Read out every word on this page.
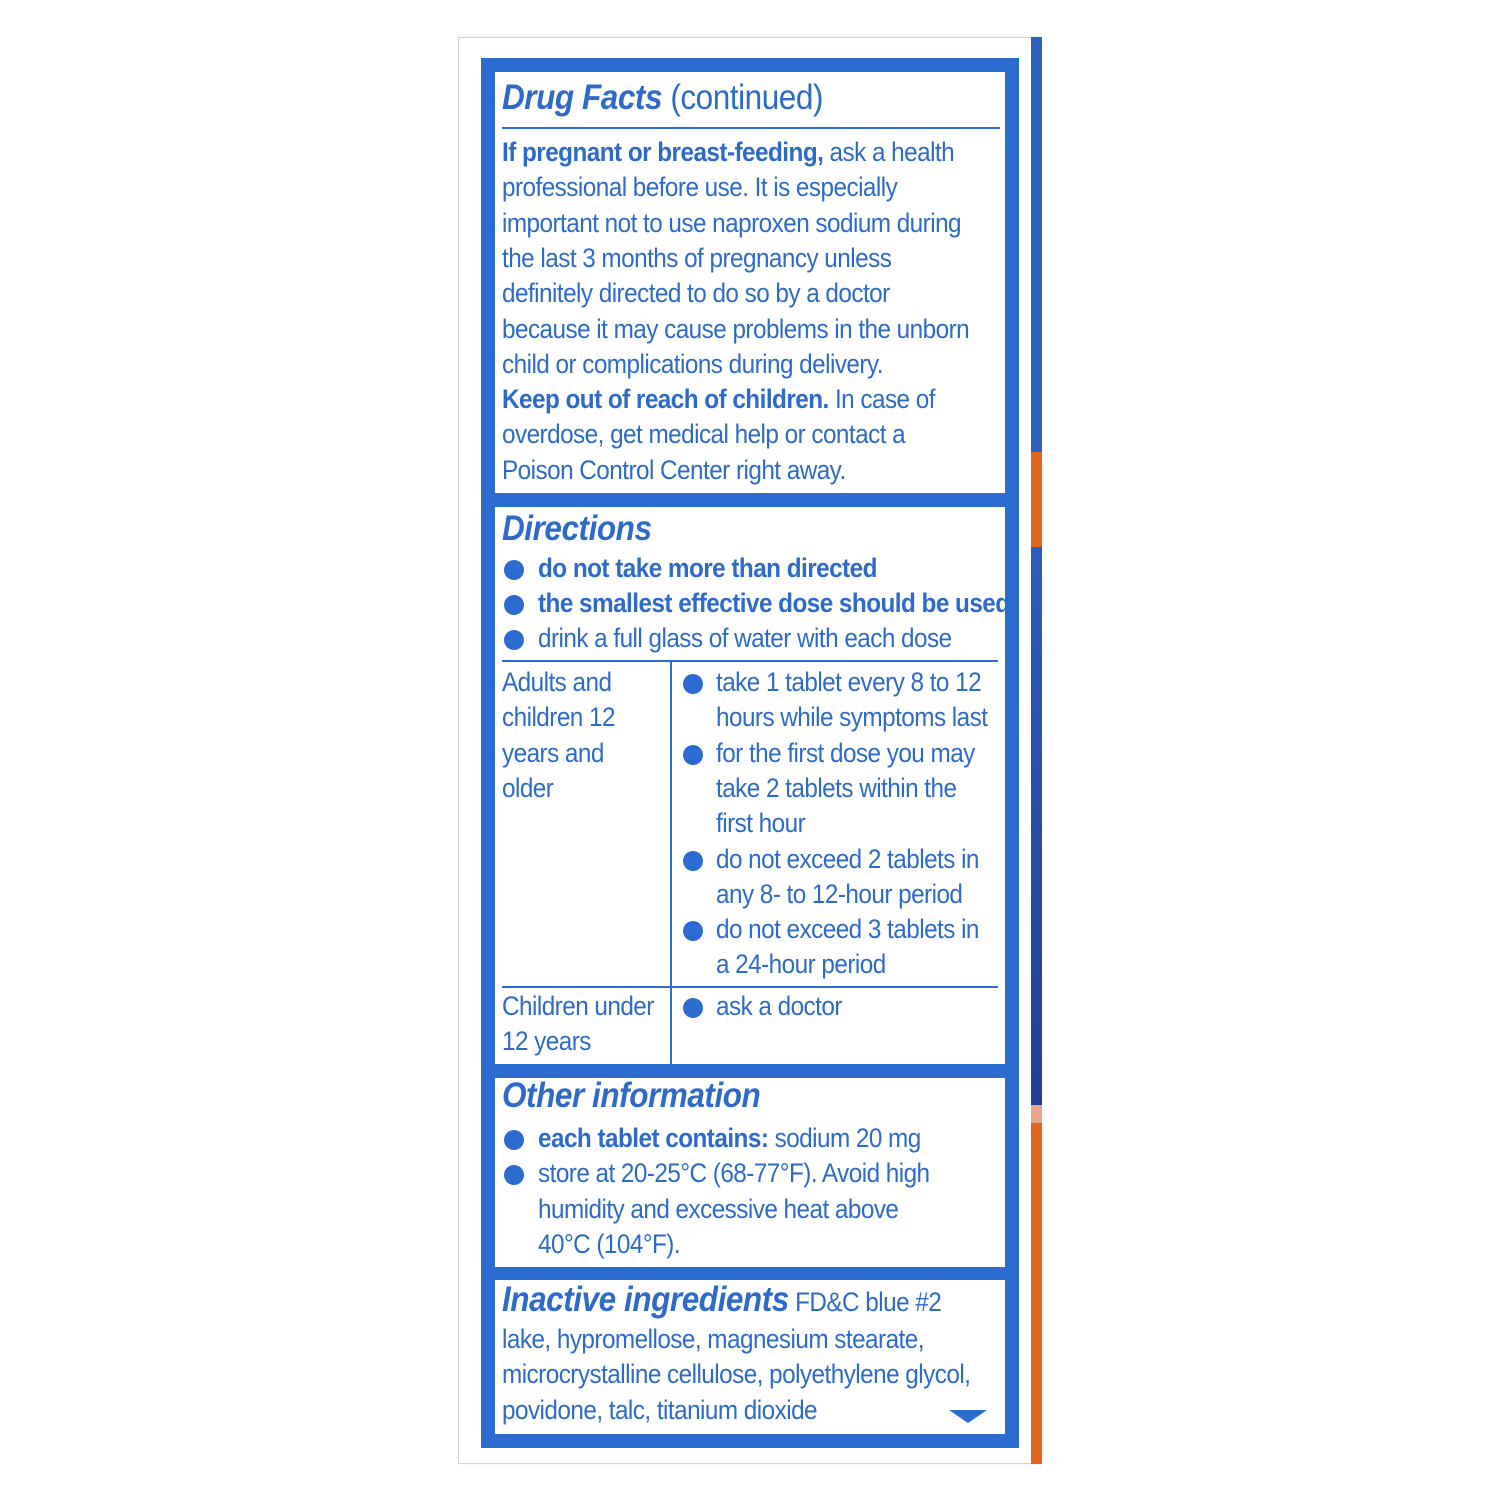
Drug Facts (continued)
If pregnant or breast-feeding, ask a health
professional before use. It is especially
important not to use naproxen sodium during
the last 3 months of pregnancy unless
definitely directed to do so by a doctor
because it may cause problems in the unborn
child or complications during delivery.
Keep out of reach of children. In case of
overdose, get medical help or contact a
Poison Control Center right away.
Directions
do not take more than directed
the smallest effective dose should be used
drink a full glass of water with each dose
Adults and
children 12
years and
older
take 1 tablet every 8 to 12
hours while symptoms last
for the first dose you may
take 2 tablets within the
first hour
do not exceed 2 tablets in
any 8- to 12-hour period
do not exceed 3 tablets in
a 24-hour period
Children under
12 years
ask a doctor
Other information
each tablet contains: sodium 20 mg
store at 20-25°C (68-77°F). Avoid high
humidity and excessive heat above
40°C (104°F).
Inactive ingredients FD&C blue #2
lake, hypromellose, magnesium stearate,
microcrystalline cellulose, polyethylene glycol,
povidone, talc, titanium dioxide
